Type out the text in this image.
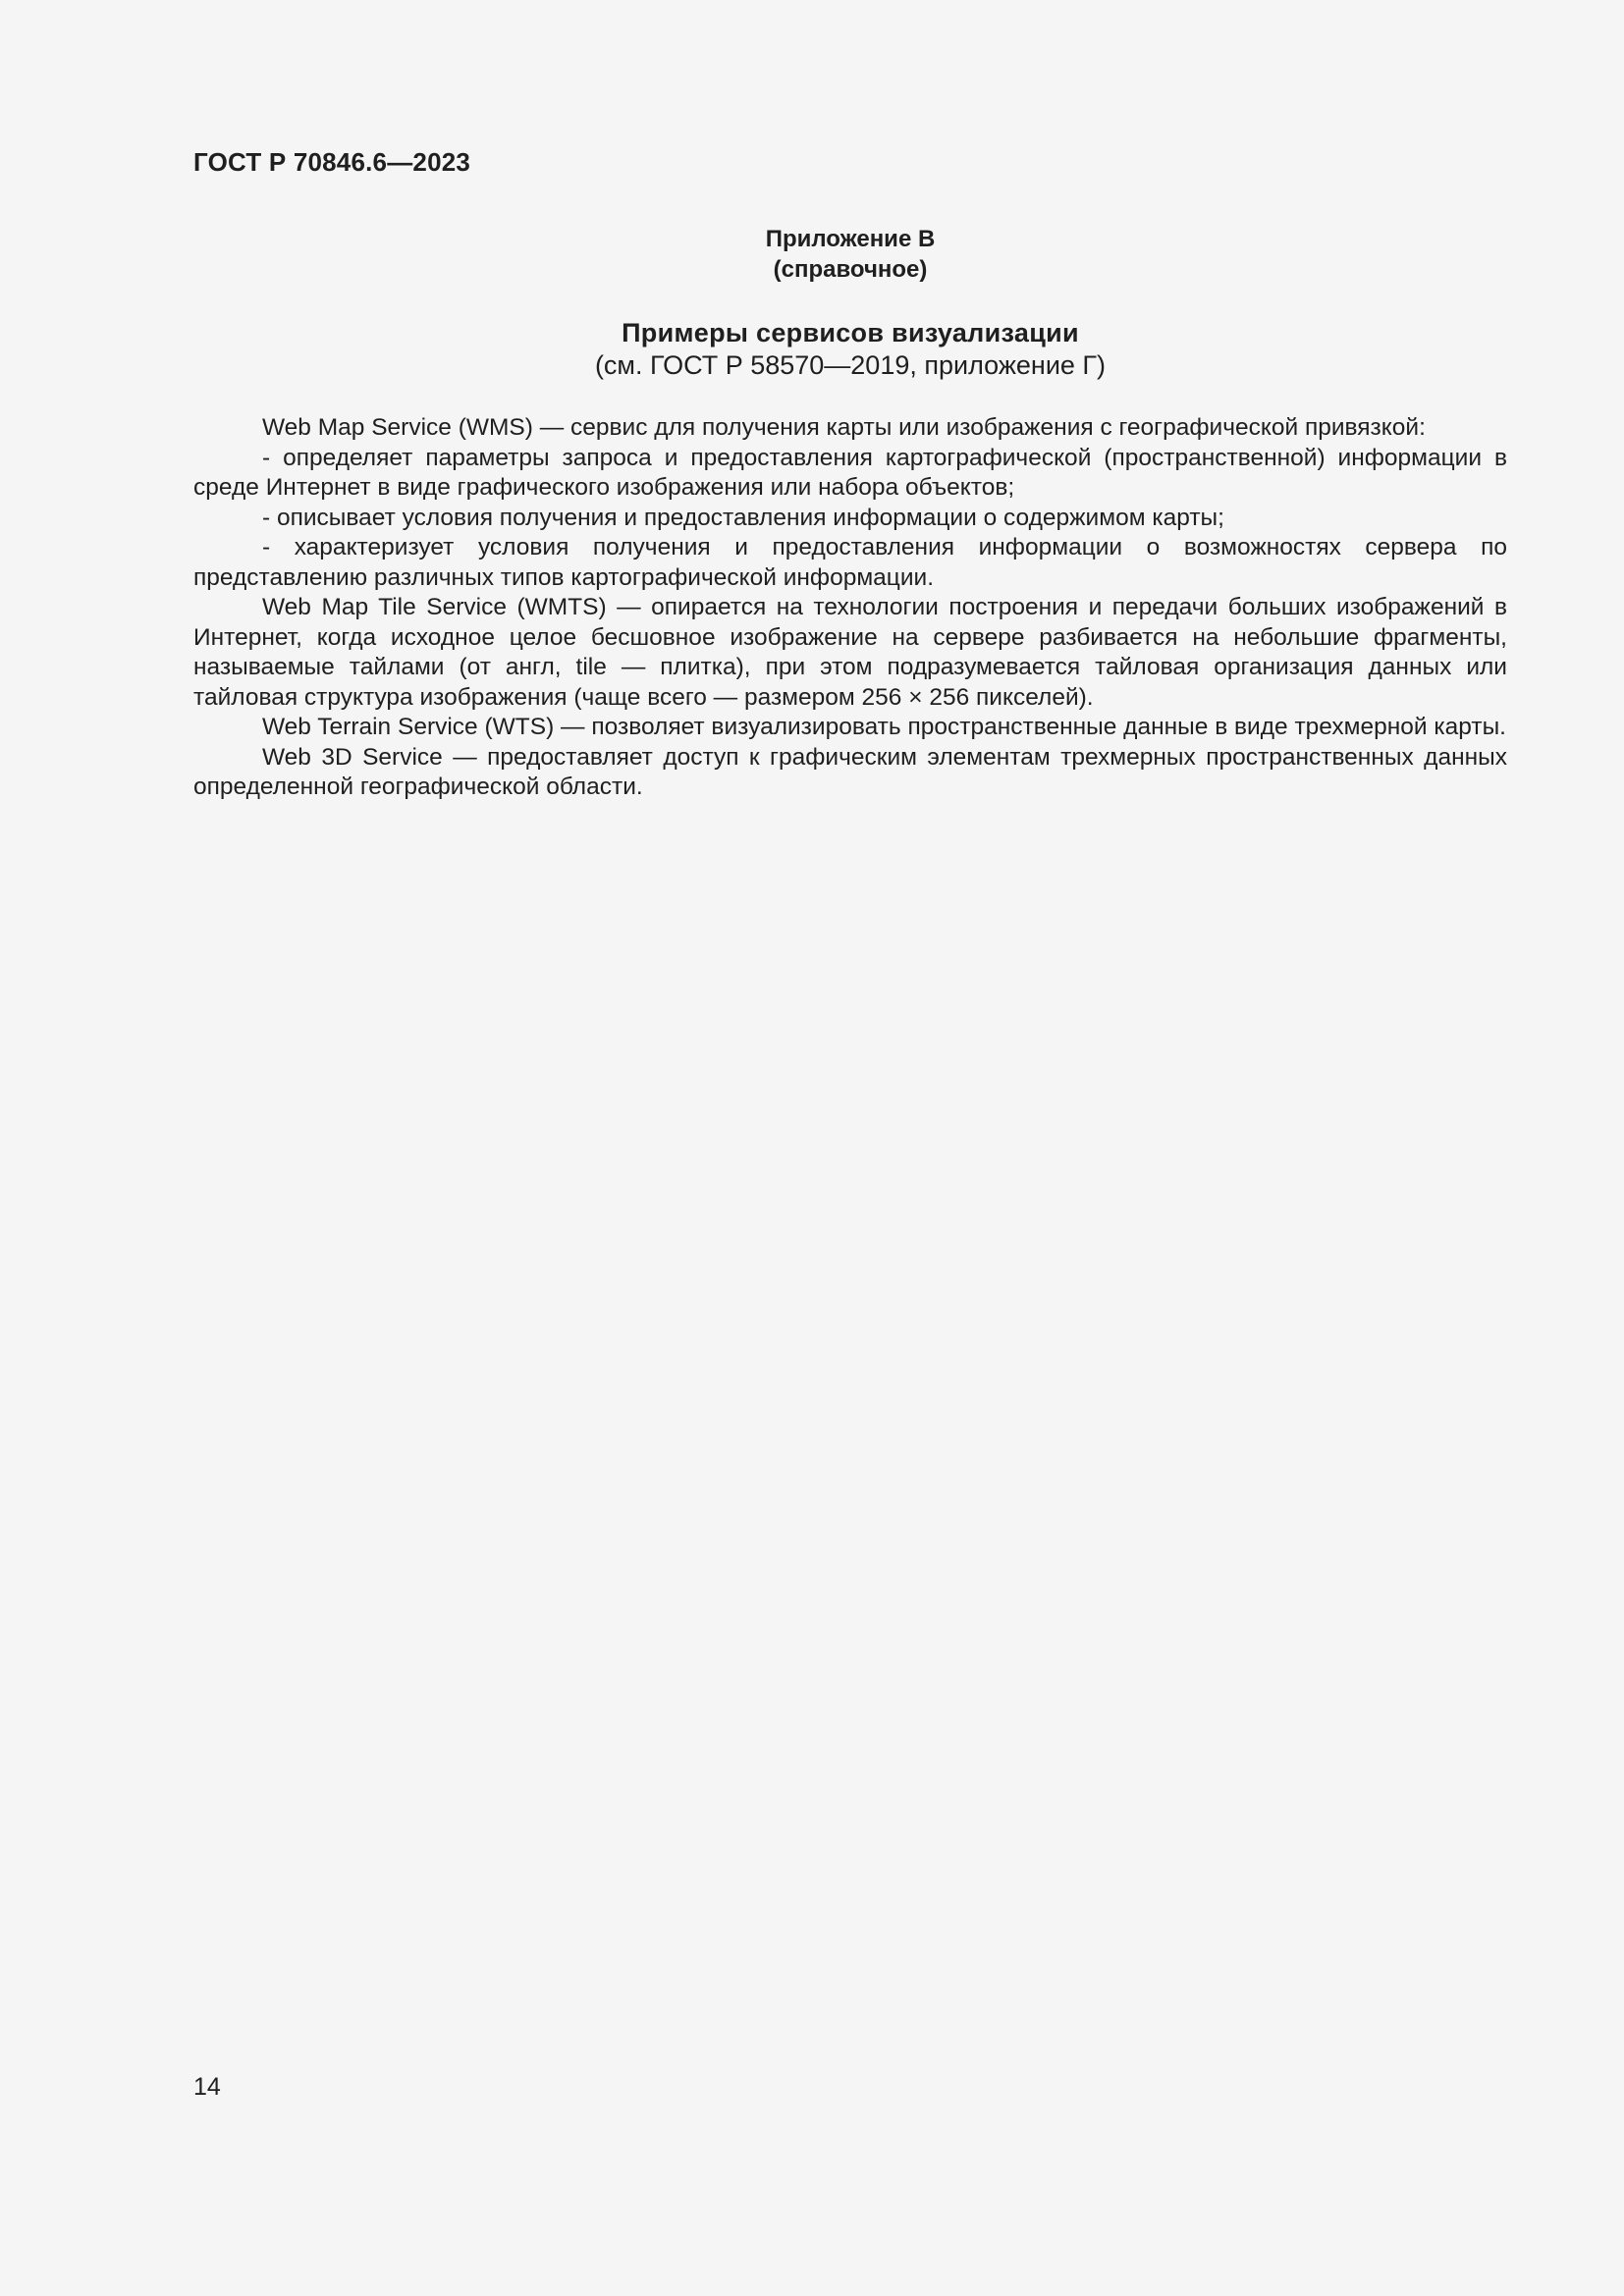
ГОСТ Р 70846.6—2023
Приложение В
(справочное)
Примеры сервисов визуализации
(см. ГОСТ Р 58570—2019, приложение Г)

Web Map Service (WMS) — сервис для получения карты или изображения с географической привязкой:

- определяет параметры запроса и предоставления картографической (пространственной) информации в среде Интернет в виде графического изображения или набора объектов;

- описывает условия получения и предоставления информации о содержимом карты;

- характеризует условия получения и предоставления информации о возможностях сервера по представлению различных типов картографической информации.

Web Map Tile Service (WMTS) — опирается на технологии построения и передачи больших изображений в Интернет, когда исходное целое бесшовное изображение на сервере разбивается на небольшие фрагменты, называемые тайлами (от англ, tile — плитка), при этом подразумевается тайловая организация данных или тайловая структура изображения (чаще всего — размером 256 × 256 пикселей).

Web Terrain Service (WTS) — позволяет визуализировать пространственные данные в виде трехмерной карты.

Web 3D Service — предоставляет доступ к графическим элементам трехмерных пространственных данных определенной географической области.

14
